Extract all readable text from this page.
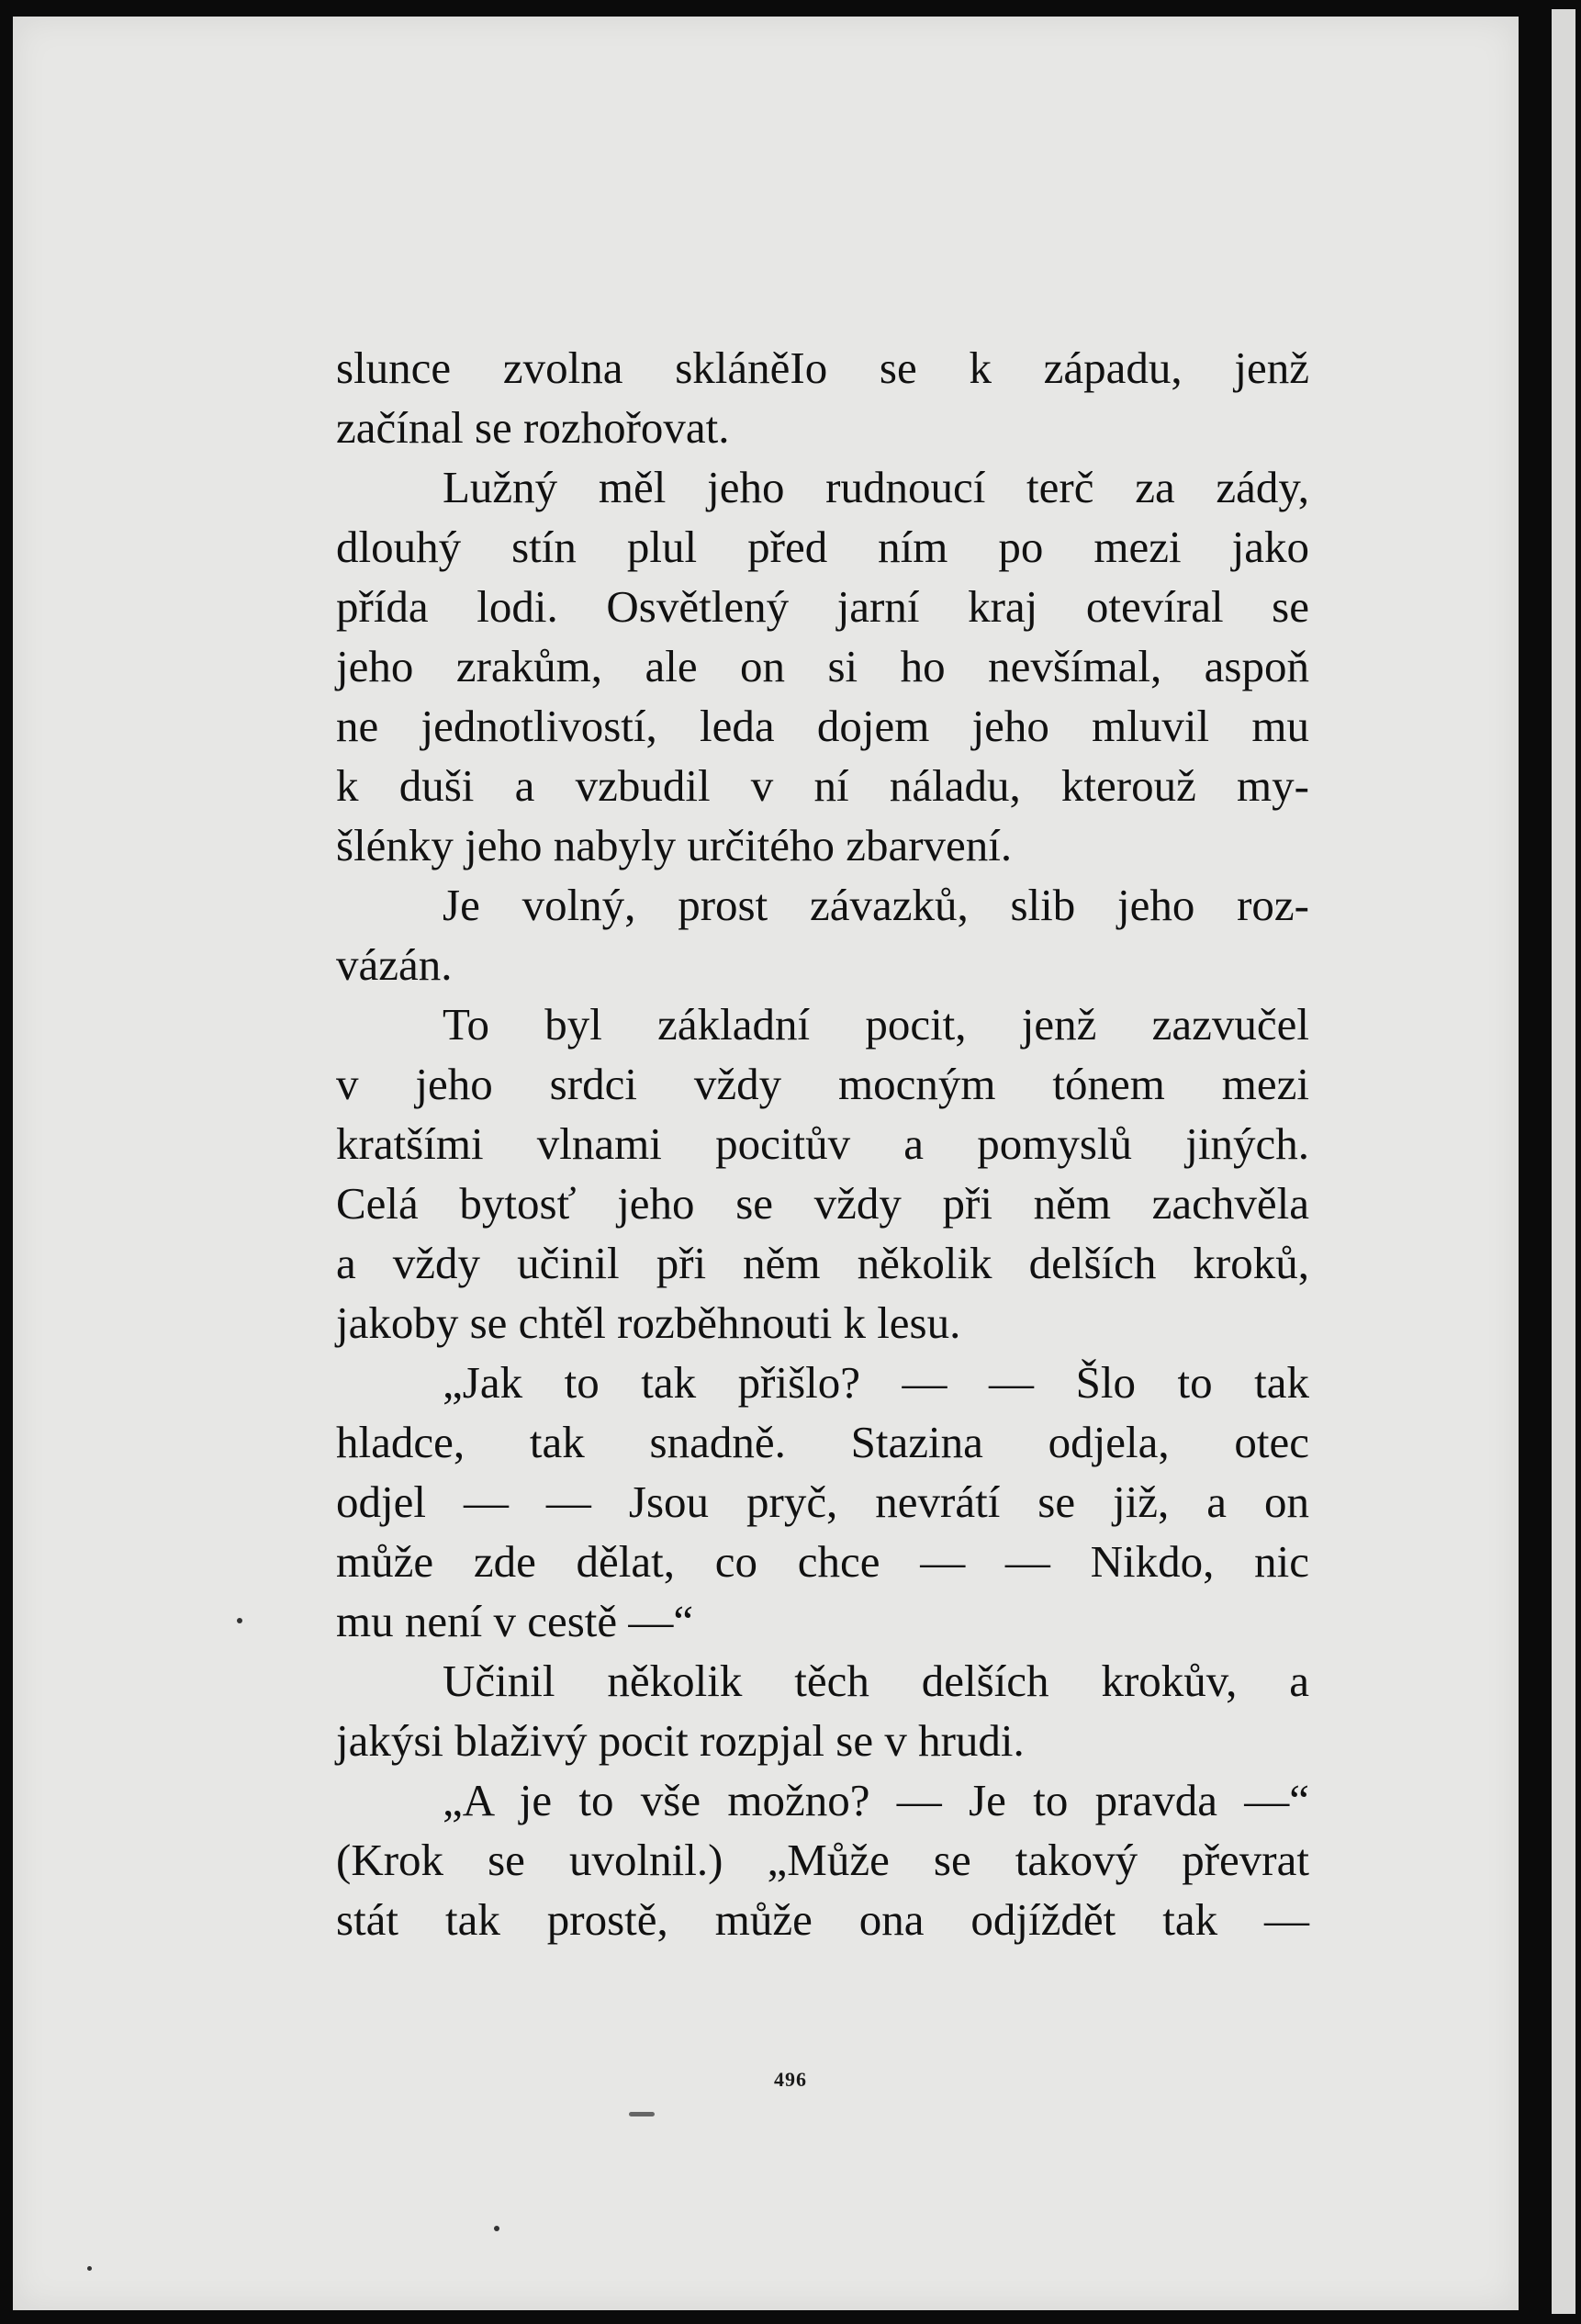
slunce zvolna skláněIo se k západu, jenž
začínal se rozhořovat.
Lužný měl jeho rudnoucí terč za zády,
dlouhý stín plul před ním po mezi jako
přída lodi. Osvětlený jarní kraj otevíral se
jeho zrakům, ale on si ho nevšímal, aspoň
ne jednotlivostí, leda dojem jeho mluvil mu
k duši a vzbudil v ní náladu, kterouž my-
šlénky jeho nabyly určitého zbarvení.
Je volný, prost závazků, slib jeho roz-
vázán.
To byl základní pocit, jenž zazvučel
v jeho srdci vždy mocným tónem mezi
kratšími vlnami pocitův a pomyslů jiných.
Celá bytosť jeho se vždy při něm zachvěla
a vždy učinil při něm několik delších kroků,
jakoby se chtěl rozběhnouti k lesu.
„Jak to tak přišlo? — — Šlo to tak
hladce, tak snadně. Stazina odjela, otec
odjel — — Jsou pryč, nevrátí se již, a on
může zde dělat, co chce — — Nikdo, nic
mu není v cestě —“
Učinil několik těch delších krokův, a
jakýsi blaživý pocit rozpjal se v hrudi.
„A je to vše možno? — Je to pravda —“
(Krok se uvolnil.) „Může se takový převrat
stát tak prostě, může ona odjíždět tak —
496
